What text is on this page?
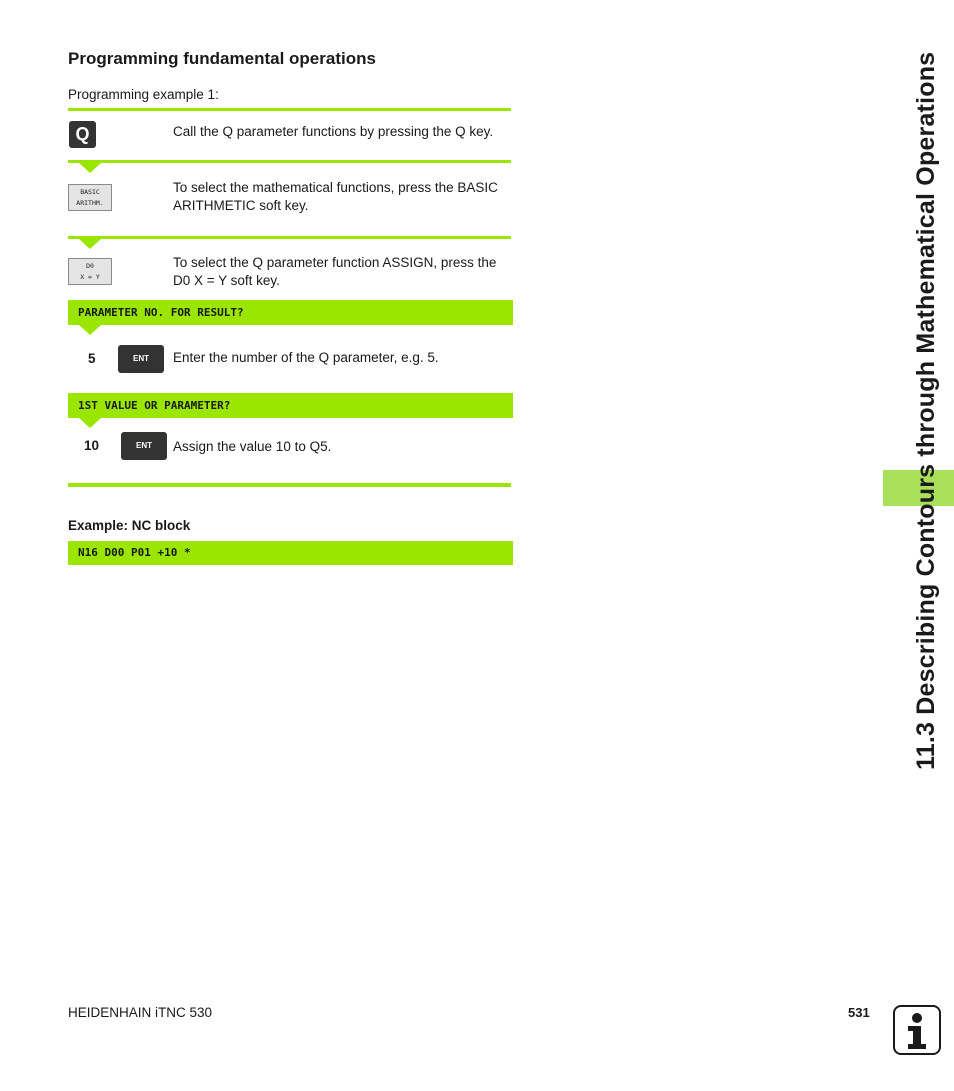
Programming fundamental operations
Programming example 1:
Q	Call the Q parameter functions by pressing the Q key.
BASIC
ARITHM.
To select the mathematical functions, press the BASIC ARITHMETIC soft key.
D0
X = Y
To select the Q parameter function ASSIGN, press the D0 X = Y soft key.
PARAMETER NO. FOR RESULT?
5	ENT	Enter the number of the Q parameter, e.g. 5.
1ST VALUE OR PARAMETER?
10	ENT	Assign the value 10 to Q5.
Example: NC block
N16 D00 P01 +10 *	11.3 Describing Contours through Mathematical Operations
HEIDENHAIN iTNC 530	531
